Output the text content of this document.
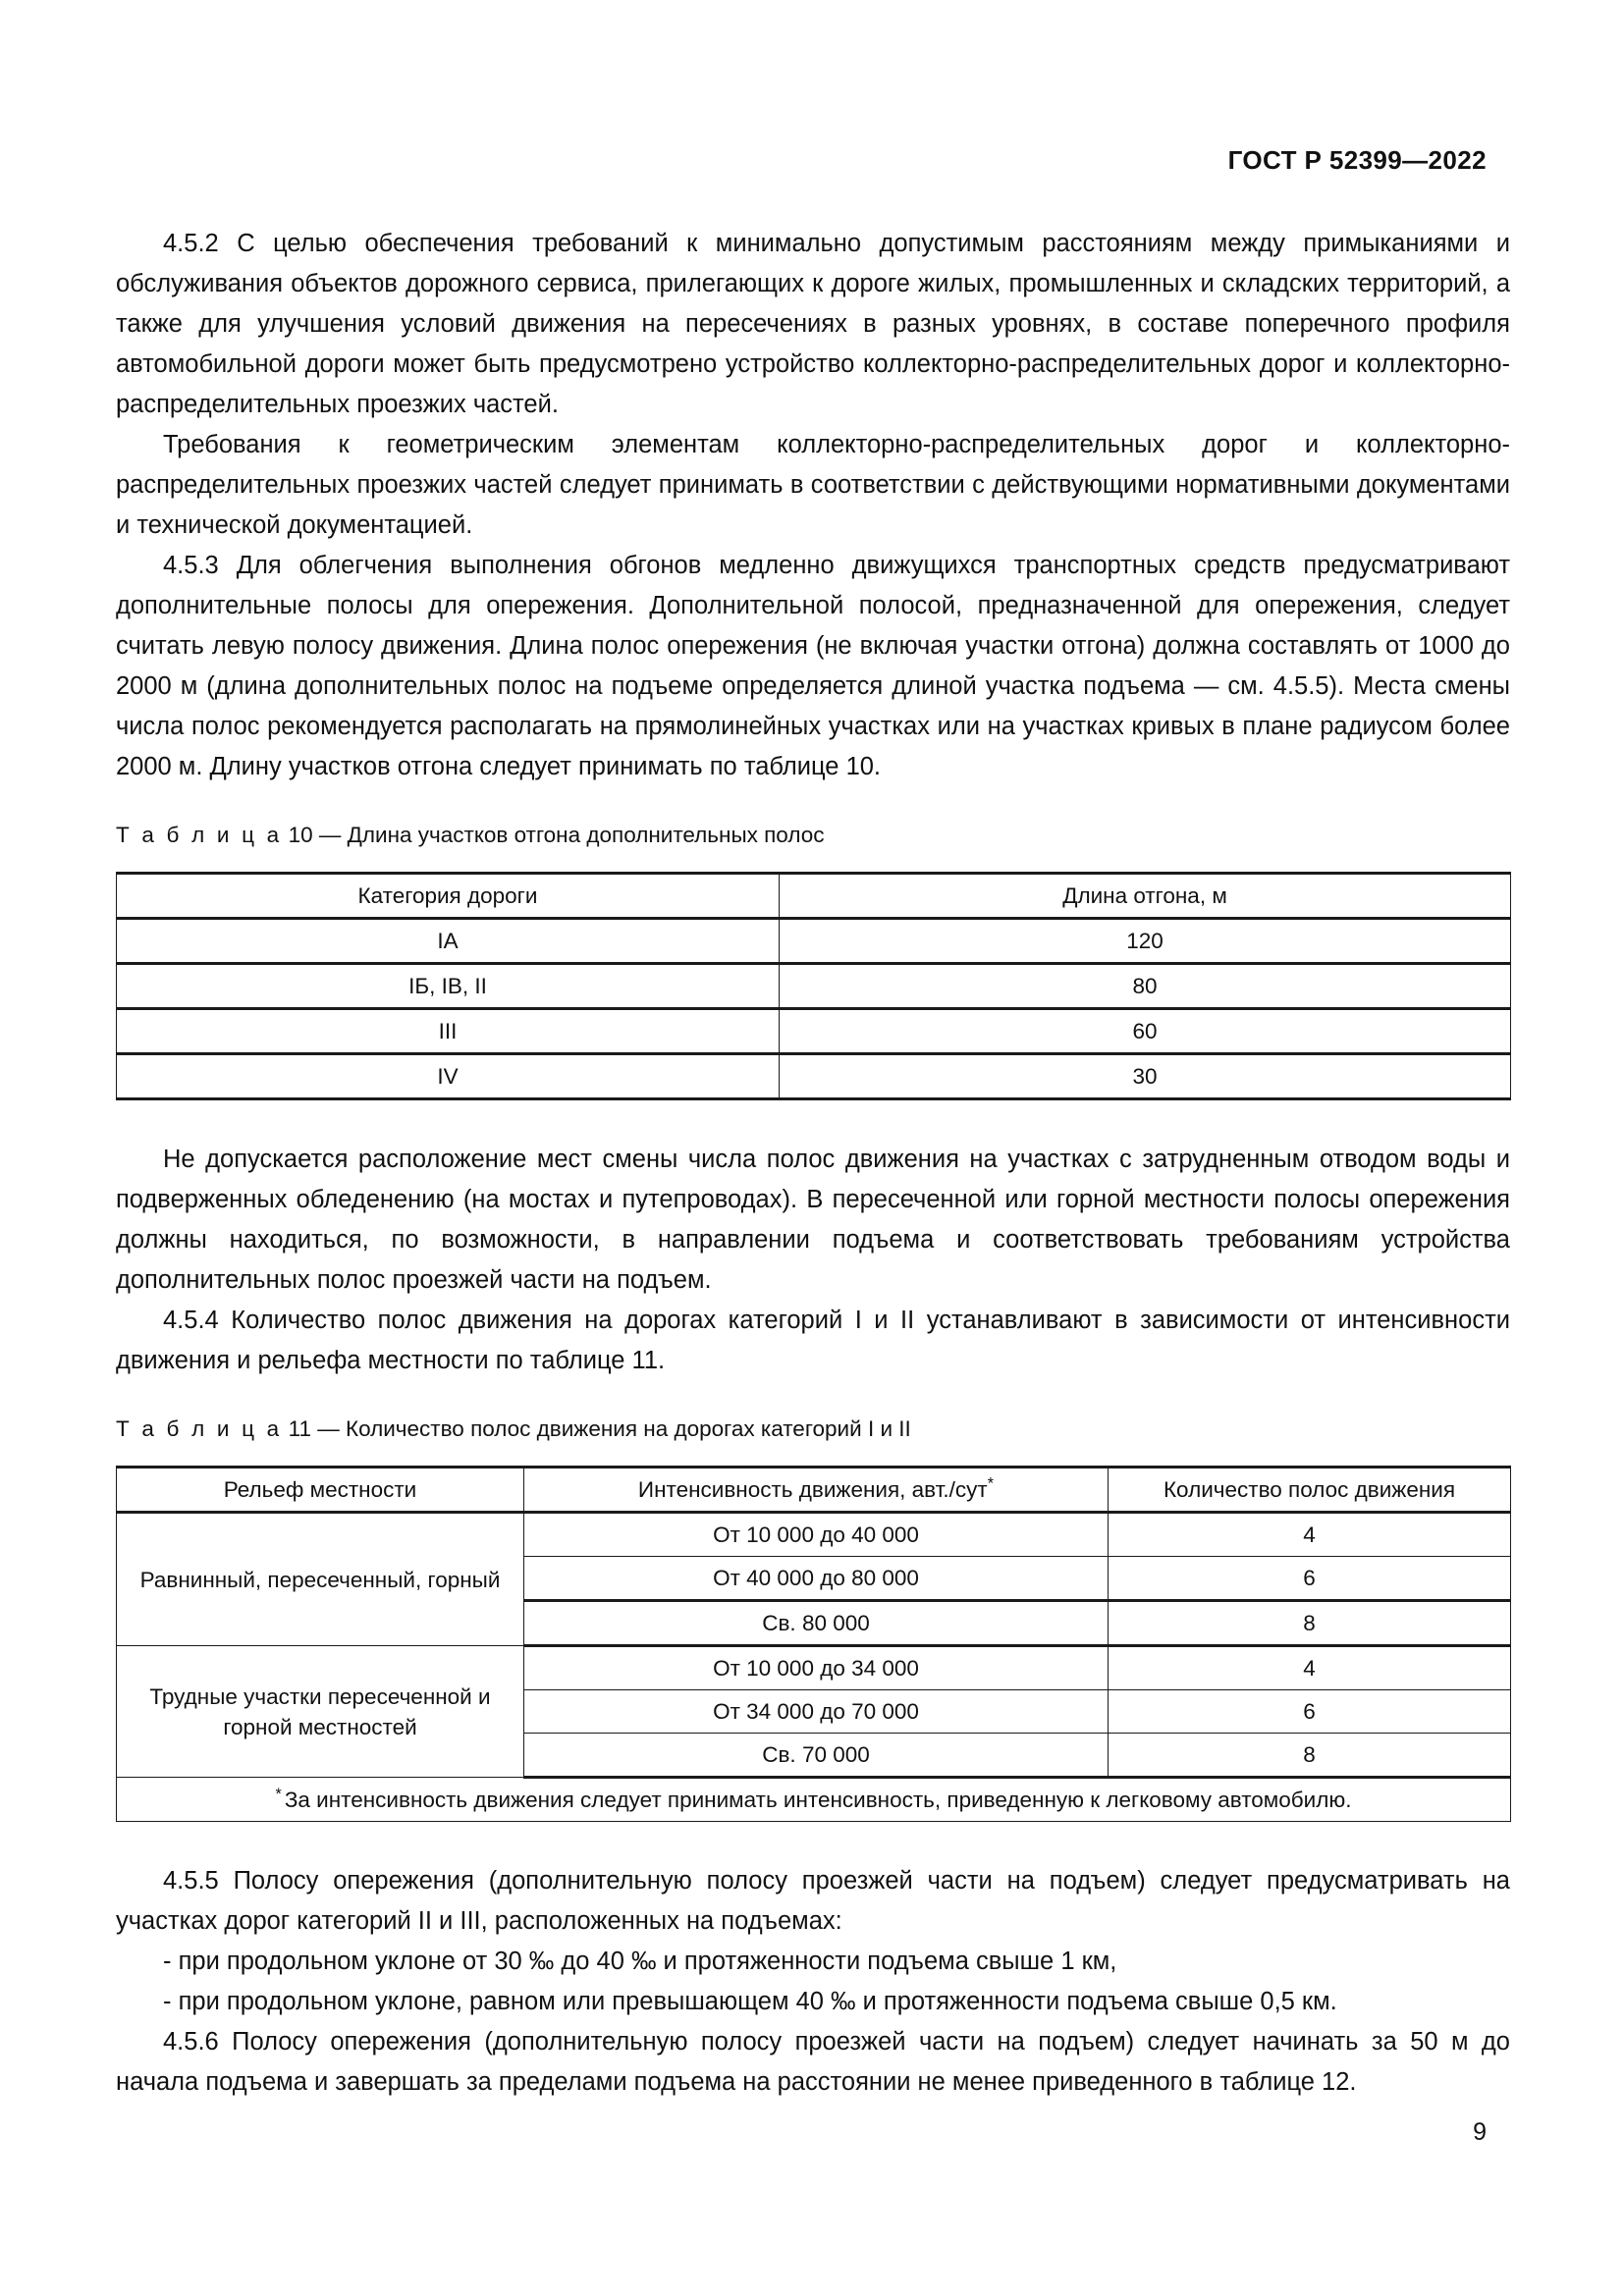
ГОСТ Р 52399—2022

4.5.2 С целью обеспечения требований к минимально допустимым расстояниям между примыканиями и обслуживания объектов дорожного сервиса, прилегающих к дороге жилых, промышленных и складских территорий, а также для улучшения условий движения на пересечениях в разных уровнях, в составе поперечного профиля автомобильной дороги может быть предусмотрено устройство коллекторно-распределительных дорог и коллекторно-распределительных проезжих частей.

Требования к геометрическим элементам коллекторно-распределительных дорог и коллекторно-распределительных проезжих частей следует принимать в соответствии с действующими нормативными документами и технической документацией.

4.5.3 Для облегчения выполнения обгонов медленно движущихся транспортных средств предусматривают дополнительные полосы для опережения. Дополнительной полосой, предназначенной для опережения, следует считать левую полосу движения. Длина полос опережения (не включая участки отгона) должна составлять от 1000 до 2000 м (длина дополнительных полос на подъеме определяется длиной участка подъема — см. 4.5.5). Места смены числа полос рекомендуется располагать на прямолинейных участках или на участках кривых в плане радиусом более 2000 м. Длину участков отгона следует принимать по таблице 10.

Т а б л и ц а 10 — Длина участков отгона дополнительных полос

Категория дороги	Длина отгона, м
IA	120
IБ, IВ, II	80
III	60
IV	30

Не допускается расположение мест смены числа полос движения на участках с затрудненным отводом воды и подверженных обледенению (на мостах и путепроводах). В пересеченной или горной местности полосы опережения должны находиться, по возможности, в направлении подъема и соответствовать требованиям устройства дополнительных полос проезжей части на подъем.

4.5.4 Количество полос движения на дорогах категорий I и II устанавливают в зависимости от интенсивности движения и рельефа местности по таблице 11.

Т а б л и ц а 11 — Количество полос движения на дорогах категорий I и II

Рельеф местности	Интенсивность движения, авт./сут*	Количество полос движения
Равнинный, пересеченный, горный	От 10 000 до 40 000	4
	От 40 000 до 80 000	6
	Св. 80 000	8
Трудные участки пересеченной и горной местностей	От 10 000 до 34 000	4
	От 34 000 до 70 000	6
	Св. 70 000	8
* За интенсивность движения следует принимать интенсивность, приведенную к легковому автомобилю.		

4.5.5 Полосу опережения (дополнительную полосу проезжей части на подъем) следует предусматривать на участках дорог категорий II и III, расположенных на подъемах:

- при продольном уклоне от 30 ‰ до 40 ‰ и протяженности подъема свыше 1 км,

- при продольном уклоне, равном или превышающем 40 ‰ и протяженности подъема свыше 0,5 км.

4.5.6 Полосу опережения (дополнительную полосу проезжей части на подъем) следует начинать за 50 м до начала подъема и завершать за пределами подъема на расстоянии не менее приведенного в таблице 12.

9
